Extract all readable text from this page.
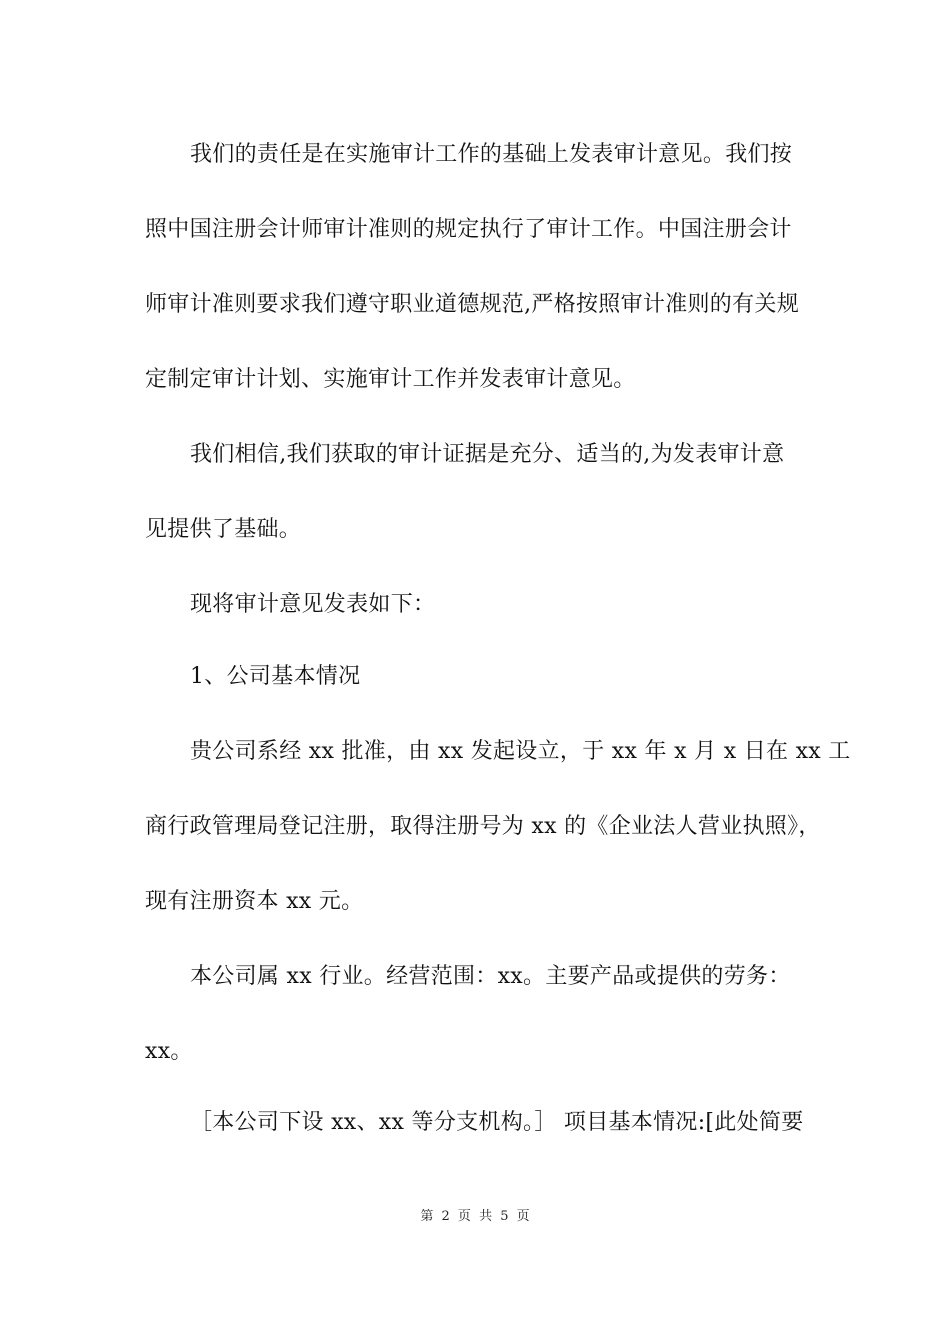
我们的责任是在实施审计工作的基础上发表审计意见。我们按
照中国注册会计师审计准则的规定执行了审计工作。中国注册会计
师审计准则要求我们遵守职业道德规范,严格按照审计准则的有关规
定制定审计计划、实施审计工作并发表审计意见。
我们相信,我们获取的审计证据是充分、适当的,为发表审计意
见提供了基础。
现将审计意见发表如下：
1、公司基本情况
贵公司系经 xx 批准，由 xx 发起设立，于 xx 年 x 月 x 日在 xx 工
商行政管理局登记注册，取得注册号为 xx 的《企业法人营业执照》，
现有注册资本 xx 元。
本公司属 xx 行业。经营范围：xx。主要产品或提供的劳务：
xx。
［本公司下设 xx、xx 等分支机构。］ 项目基本情况:[此处简要
第 2 页 共 5 页
